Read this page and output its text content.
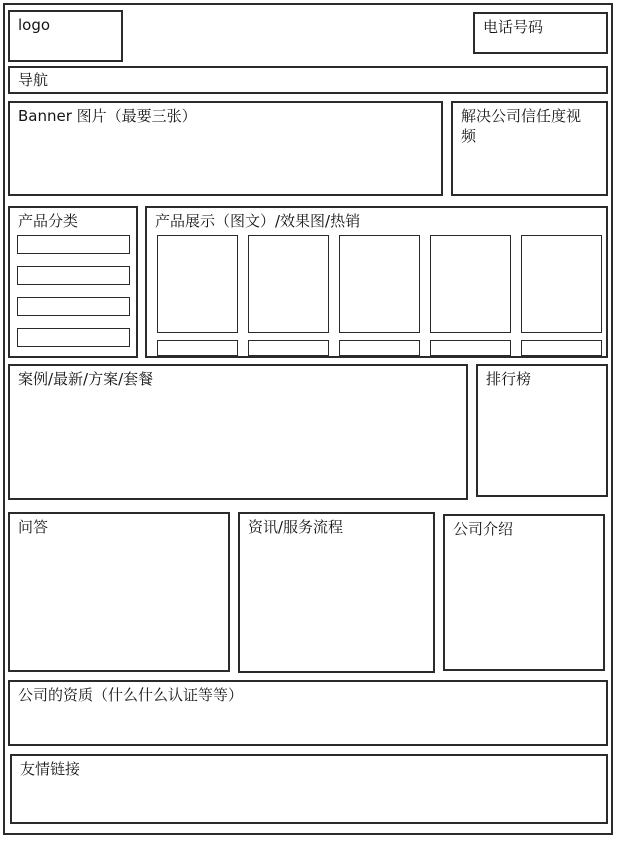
logo	电话号码
导航
Banner 图片（最要三张）	解决公司信任度视频
产品分类	产品展示（图文）/效果图/热销
案例/最新/方案/套餐	排行榜
问答	资讯/服务流程	公司介绍
公司的资质（什么什么认证等等）
友情链接
